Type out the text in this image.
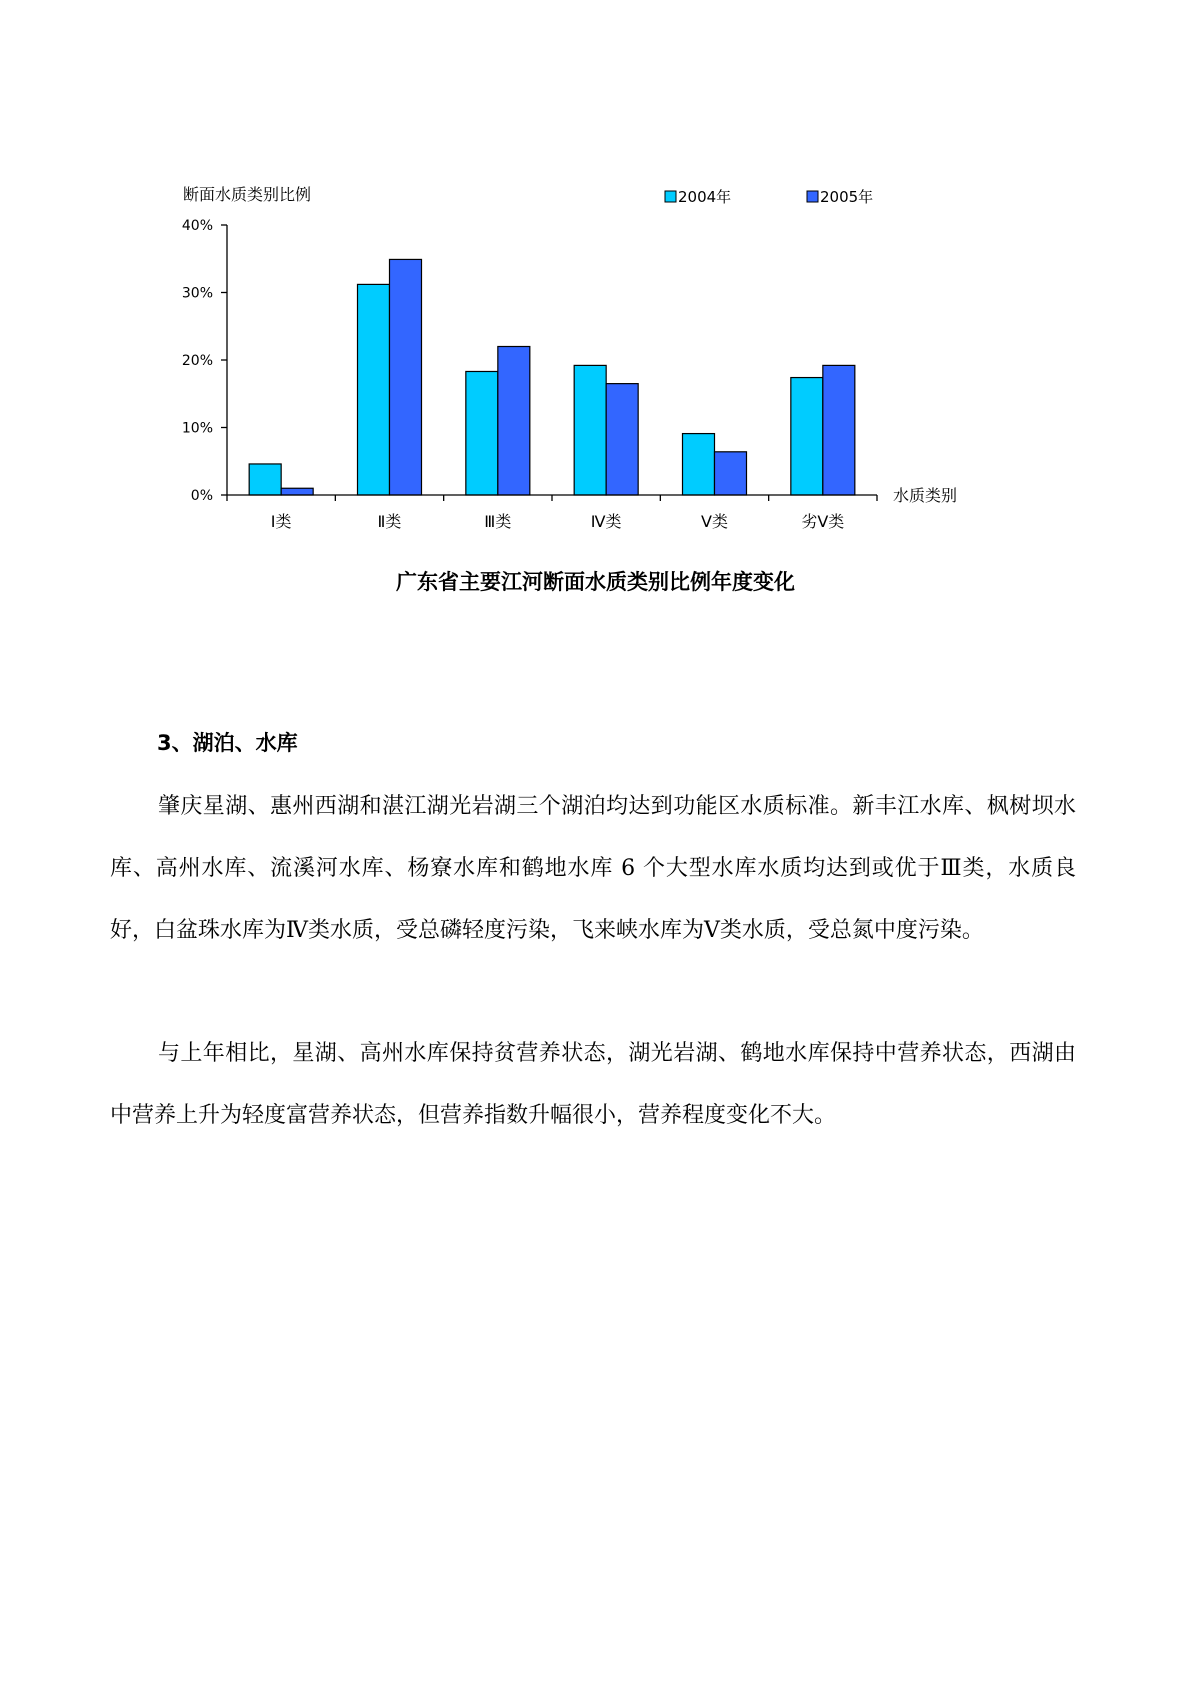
断面水质类别比例	2004年	2005年
0%
10%
20%
30%
40%
Ⅰ类	Ⅱ类	Ⅲ类	Ⅳ类	Ⅴ类	劣Ⅴ类
水质类别
广东省主要江河断面水质类别比例年度变化
3、湖泊、水库

肇庆星湖、惠州西湖和湛江湖光岩湖三个湖泊均达到功能区水质标准。新丰江水库、枫树坝水库、高州水库、流溪河水库、杨寮水库和鹤地水库 6 个大型水库水质均达到或优于Ⅲ类，水质良好，白盆珠水库为Ⅳ类水质，受总磷轻度污染，飞来峡水库为Ⅴ类水质，受总氮中度污染。

与上年相比，星湖、高州水库保持贫营养状态，湖光岩湖、鹤地水库保持中营养状态，西湖由中营养上升为轻度富营养状态，但营养指数升幅很小，营养程度变化不大。
